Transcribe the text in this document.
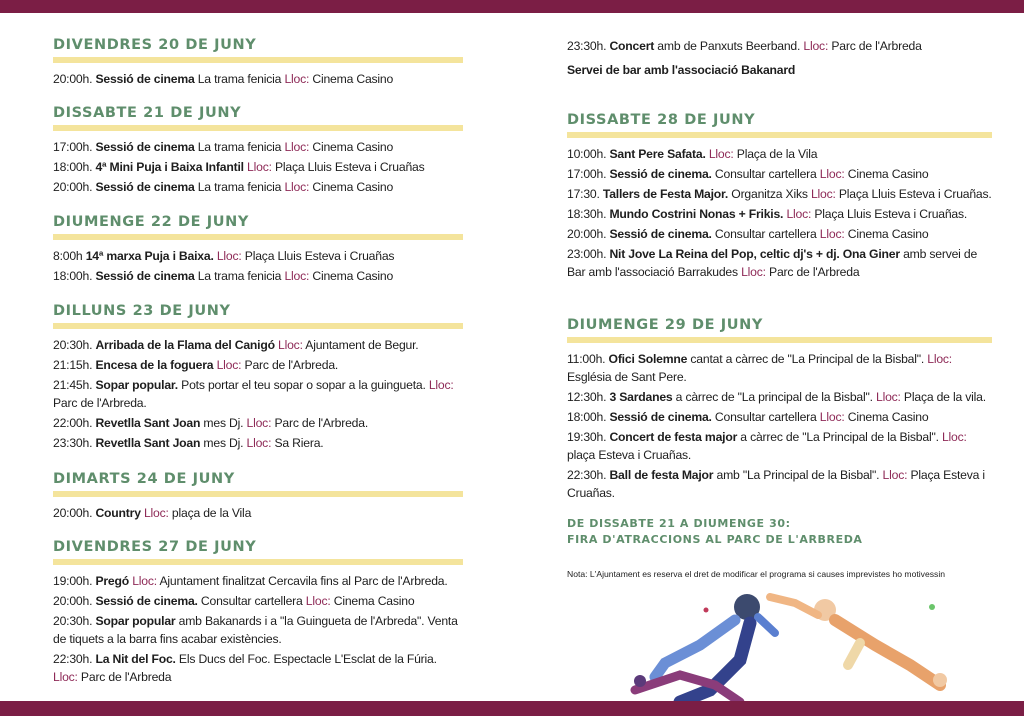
DIVENDRES 20 DE JUNY
20:00h. Sessió de cinema La trama fenicia Lloc: Cinema Casino
DISSABTE 21 DE JUNY
17:00h. Sessió de cinema La trama fenicia Lloc: Cinema Casino
18:00h. 4ª Mini Puja i Baixa Infantil Lloc: Plaça Lluis Esteva i Cruañas
20:00h. Sessió de cinema La trama fenicia Lloc: Cinema Casino
DIUMENGE 22 DE JUNY
8:00h 14ª marxa Puja i Baixa. Lloc: Plaça Lluis Esteva i Cruañas
18:00h. Sessió de cinema La trama fenicia Lloc: Cinema Casino
DILLUNS 23 DE JUNY
20:30h. Arribada de la Flama del Canigó Lloc: Ajuntament de Begur.
21:15h. Encesa de la foguera Lloc: Parc de l'Arbreda.
21:45h. Sopar popular. Pots portar el teu sopar o sopar a la guingueta. Lloc: Parc de l'Arbreda.
22:00h. Revetlla Sant Joan mes Dj. Lloc: Parc de l'Arbreda.
23:30h. Revetlla Sant Joan mes Dj. Lloc: Sa Riera.
DIMARTS 24 DE JUNY
20:00h. Country Lloc: plaça de la Vila
DIVENDRES 27 DE JUNY
19:00h. Pregó Lloc: Ajuntament finalitzat Cercavila fins al Parc de l'Arbreda.
20:00h. Sessió de cinema. Consultar cartellera Lloc: Cinema Casino
20:30h. Sopar popular amb Bakanards i a "la Guingueta de l'Arbreda". Venta de tiquets a la barra fins acabar existències.
22:30h. La Nit del Foc. Els Ducs del Foc. Espectacle L'Esclat de la Fúria. Lloc: Parc de l'Arbreda
DE DISSABTE 21 A DIUMENGE 30:
FIRA D'ATRACCIONS AL PARC DE L'ARBREDA
Nota: L'Ajuntament es reserva el dret de modificar el programa si causes imprevistes ho motivessin
DISSABTE 28 DE JUNY
10:00h. Sant Pere Safata. Lloc: Plaça de la Vila
17:00h. Sessió de cinema. Consultar cartellera Lloc: Cinema Casino
17:30. Tallers de Festa Major. Organitza Xiks Lloc: Plaça Lluis Esteva i Cruañas.
18:30h. Mundo Costrini Nonas + Frikis. Lloc: Plaça Lluis Esteva i Cruañas.
20:00h. Sessió de cinema. Consultar cartellera Lloc: Cinema Casino
23:00h. Nit Jove La Reina del Pop, celtic dj's + dj. Ona Giner amb servei de Bar amb l'associació Barrakudes Lloc: Parc de l'Arbreda
DIUMENGE 29 DE JUNY
11:00h. Ofici Solemne cantat a càrrec de "La Principal de la Bisbal". Lloc: Església de Sant Pere.
12:30h. 3 Sardanes a càrrec de "La principal de la Bisbal". Lloc: Plaça de la vila.
18:00h. Sessió de cinema. Consultar cartellera Lloc: Cinema Casino
19:30h. Concert de festa major a càrrec de "La Principal de la Bisbal". Lloc: plaça Esteva i Cruañas.
22:30h. Ball de festa Major amb "La Principal de la Bisbal". Lloc: Plaça Esteva i Cruañas.
23:30h. Concert amb de Panxuts Beerband. Lloc: Parc de l'Arbreda
Servei de bar amb l'associació Bakanard
